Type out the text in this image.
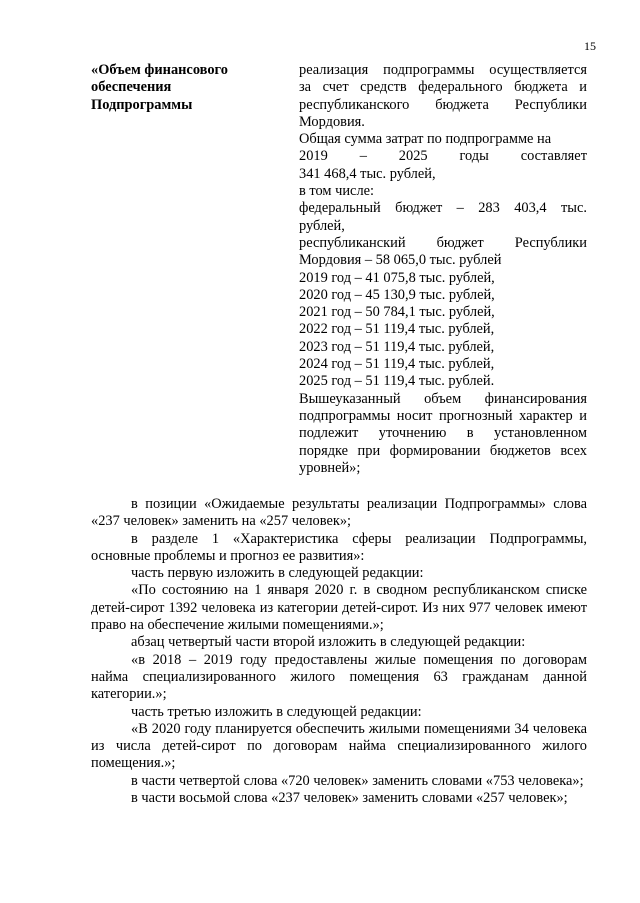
15
«Объем финансового
обеспечения
Подпрограммы
реализация подпрограммы осуществляется
за счет средств федерального бюджета и
республиканского бюджета Республики
Мордовия.
Общая сумма затрат по подпрограмме на
2019 – 2025 годы составляет
341 468,4 тыс. рублей,
в том числе:
федеральный бюджет – 283 403,4 тыс.
рублей,
республиканский бюджет Республики
Мордовия – 58 065,0 тыс. рублей
2019 год – 41 075,8 тыс. рублей,
2020 год – 45 130,9 тыс. рублей,
2021 год – 50 784,1 тыс. рублей,
2022 год – 51 119,4 тыс. рублей,
2023 год – 51 119,4 тыс. рублей,
2024 год – 51 119,4 тыс. рублей,
2025 год – 51 119,4 тыс. рублей.
Вышеуказанный объем финансирования
подпрограммы носит прогнозный характер и
подлежит уточнению в установленном
порядке при формировании бюджетов всех
уровней»;

в позиции «Ожидаемые результаты реализации Подпрограммы» слова «237 человек» заменить на «257 человек»;

в разделе 1 «Характеристика сферы реализации Подпрограммы, основные проблемы и прогноз ее развития»:

часть первую изложить в следующей редакции:

«По состоянию на 1 января 2020 г. в сводном республиканском списке детей-сирот 1392 человека из категории детей-сирот. Из них 977 человек имеют право на обеспечение жилыми помещениями.»;

абзац четвертый части второй изложить в следующей редакции:

«в 2018 – 2019 году предоставлены жилые помещения по договорам найма специализированного жилого помещения 63 гражданам данной категории.»;

часть третью изложить в следующей редакции:

«В 2020 году планируется обеспечить жилыми помещениями 34 человека из числа детей-сирот по договорам найма специализированного жилого помещения.»;

в части четвертой слова «720 человек» заменить словами «753 человека»;

в части восьмой слова «237 человек» заменить словами «257 человек»;
